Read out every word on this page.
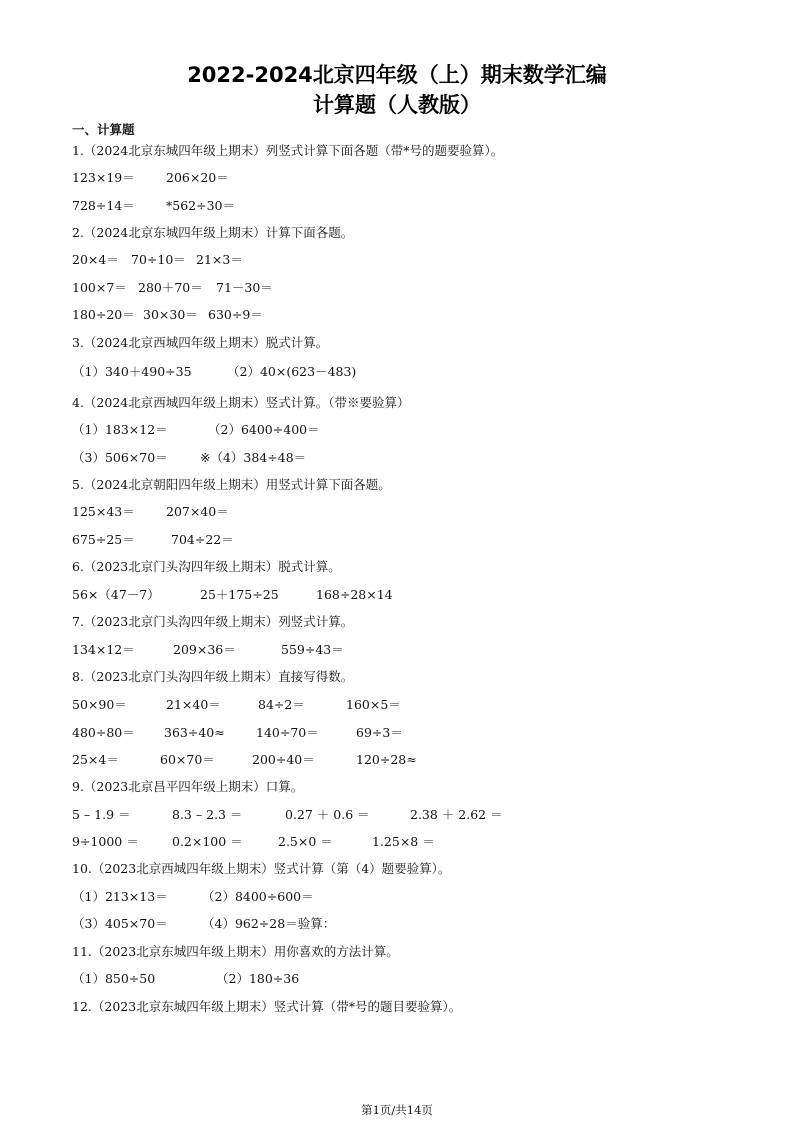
2022-2024北京四年级（上）期末数学汇编
计算题（人教版）
一、计算题
1.（2024北京东城四年级上期末）列竖式计算下面各题（带*号的题要验算）。
123×19＝	206×20＝
728÷14＝	*562÷30＝
2.（2024北京东城四年级上期末）计算下面各题。
20×4＝ 70÷10＝ 21×3＝
100×7＝ 280＋70＝ 71－30＝
180÷20＝ 30×30＝ 630÷9＝
3.（2024北京西城四年级上期末）脱式计算。
（1）340＋490÷35	（2）40×(623－483)
4.（2024北京西城四年级上期末）竖式计算。（带※要验算）
（1）183×12＝	（2）6400÷400＝
（3）506×70＝	※（4）384÷48＝
5.（2024北京朝阳四年级上期末）用竖式计算下面各题。
125×43＝	207×40＝
675÷25＝	704÷22＝
6.（2023北京门头沟四年级上期末）脱式计算。
56×（47－7）	25＋175÷25	168÷28×14
7.（2023北京门头沟四年级上期末）列竖式计算。
134×12＝	209×36＝	559÷43＝
8.（2023北京门头沟四年级上期末）直接写得数。
50×90＝	21×40＝	84÷2＝	160×5＝
480÷80＝ 363÷40≈	140÷70＝	69÷3＝
25×4＝	60×70＝	200÷40＝	120÷28≈
9.（2023北京昌平四年级上期末）口算。
5 – 1.9 ＝	8.3 – 2.3 ＝	0.27 ＋ 0.6 ＝	2.38 ＋ 2.62 ＝
9÷1000 ＝	0.2×100 ＝	2.5×0 ＝	1.25×8 ＝
10.（2023北京西城四年级上期末）竖式计算（第（4）题要验算）。
（1）213×13＝	（2）8400÷600＝
（3）405×70＝	（4）962÷28＝验算：
11.（2023北京东城四年级上期末）用你喜欢的方法计算。
（1）850÷50	（2）180÷36
12.（2023北京东城四年级上期末）竖式计算（带*号的题目要验算）。
第1页/共14页
